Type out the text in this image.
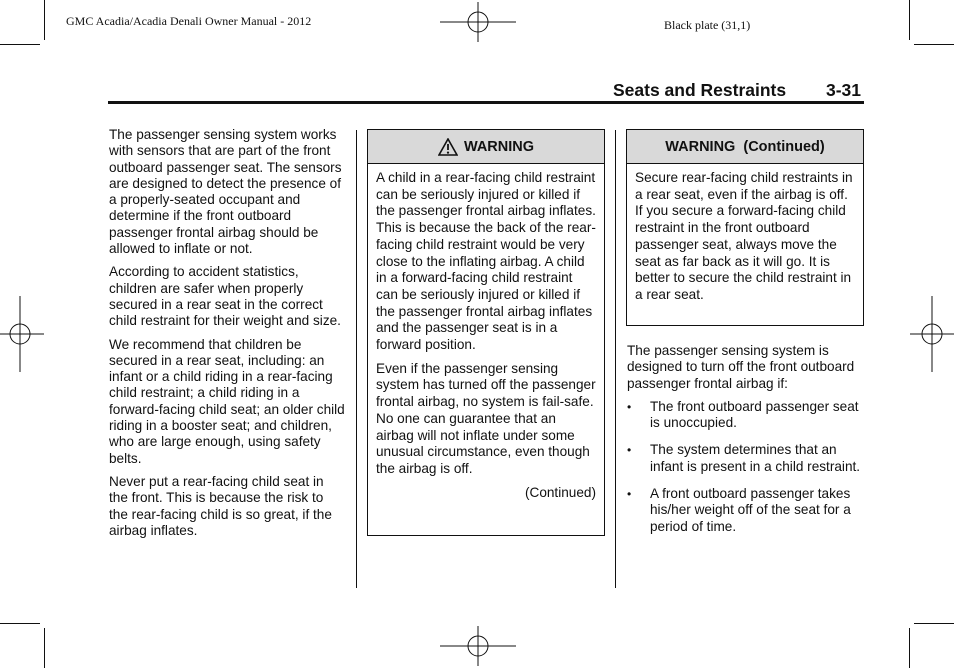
GMC Acadia/Acadia Denali Owner Manual - 2012	Black plate (31,1)
Seats and Restraints 3-31

The passenger sensing system works with sensors that are part of the front outboard passenger seat. The sensors are designed to detect the presence of a properly-seated occupant and determine if the front outboard passenger frontal airbag should be allowed to inflate or not.

According to accident statistics, children are safer when properly secured in a rear seat in the correct child restraint for their weight and size.

We recommend that children be secured in a rear seat, including: an infant or a child riding in a rear-facing child restraint; a child riding in a forward-facing child seat; an older child riding in a booster seat; and children, who are large enough, using safety belts.

Never put a rear-facing child seat in the front. This is because the risk to the rear-facing child is so great, if the airbag inflates.

WARNING

A child in a rear-facing child restraint can be seriously injured or killed if the passenger frontal airbag inflates. This is because the back of the rear-facing child restraint would be very close to the inflating airbag. A child in a forward-facing child restraint can be seriously injured or killed if the passenger frontal airbag inflates and the passenger seat is in a forward position.

Even if the passenger sensing system has turned off the passenger frontal airbag, no system is fail-safe. No one can guarantee that an airbag will not inflate under some unusual circumstance, even though the airbag is off.

(Continued)
WARNING  (Continued)

Secure rear-facing child restraints in a rear seat, even if the airbag is off. If you secure a forward-facing child restraint in the front outboard passenger seat, always move the seat as far back as it will go. It is better to secure the child restraint in a rear seat.

The passenger sensing system is designed to turn off the front outboard passenger frontal airbag if:

• The front outboard passenger seat is unoccupied.
• The system determines that an infant is present in a child restraint.
• A front outboard passenger takes his/her weight off of the seat for a period of time.
